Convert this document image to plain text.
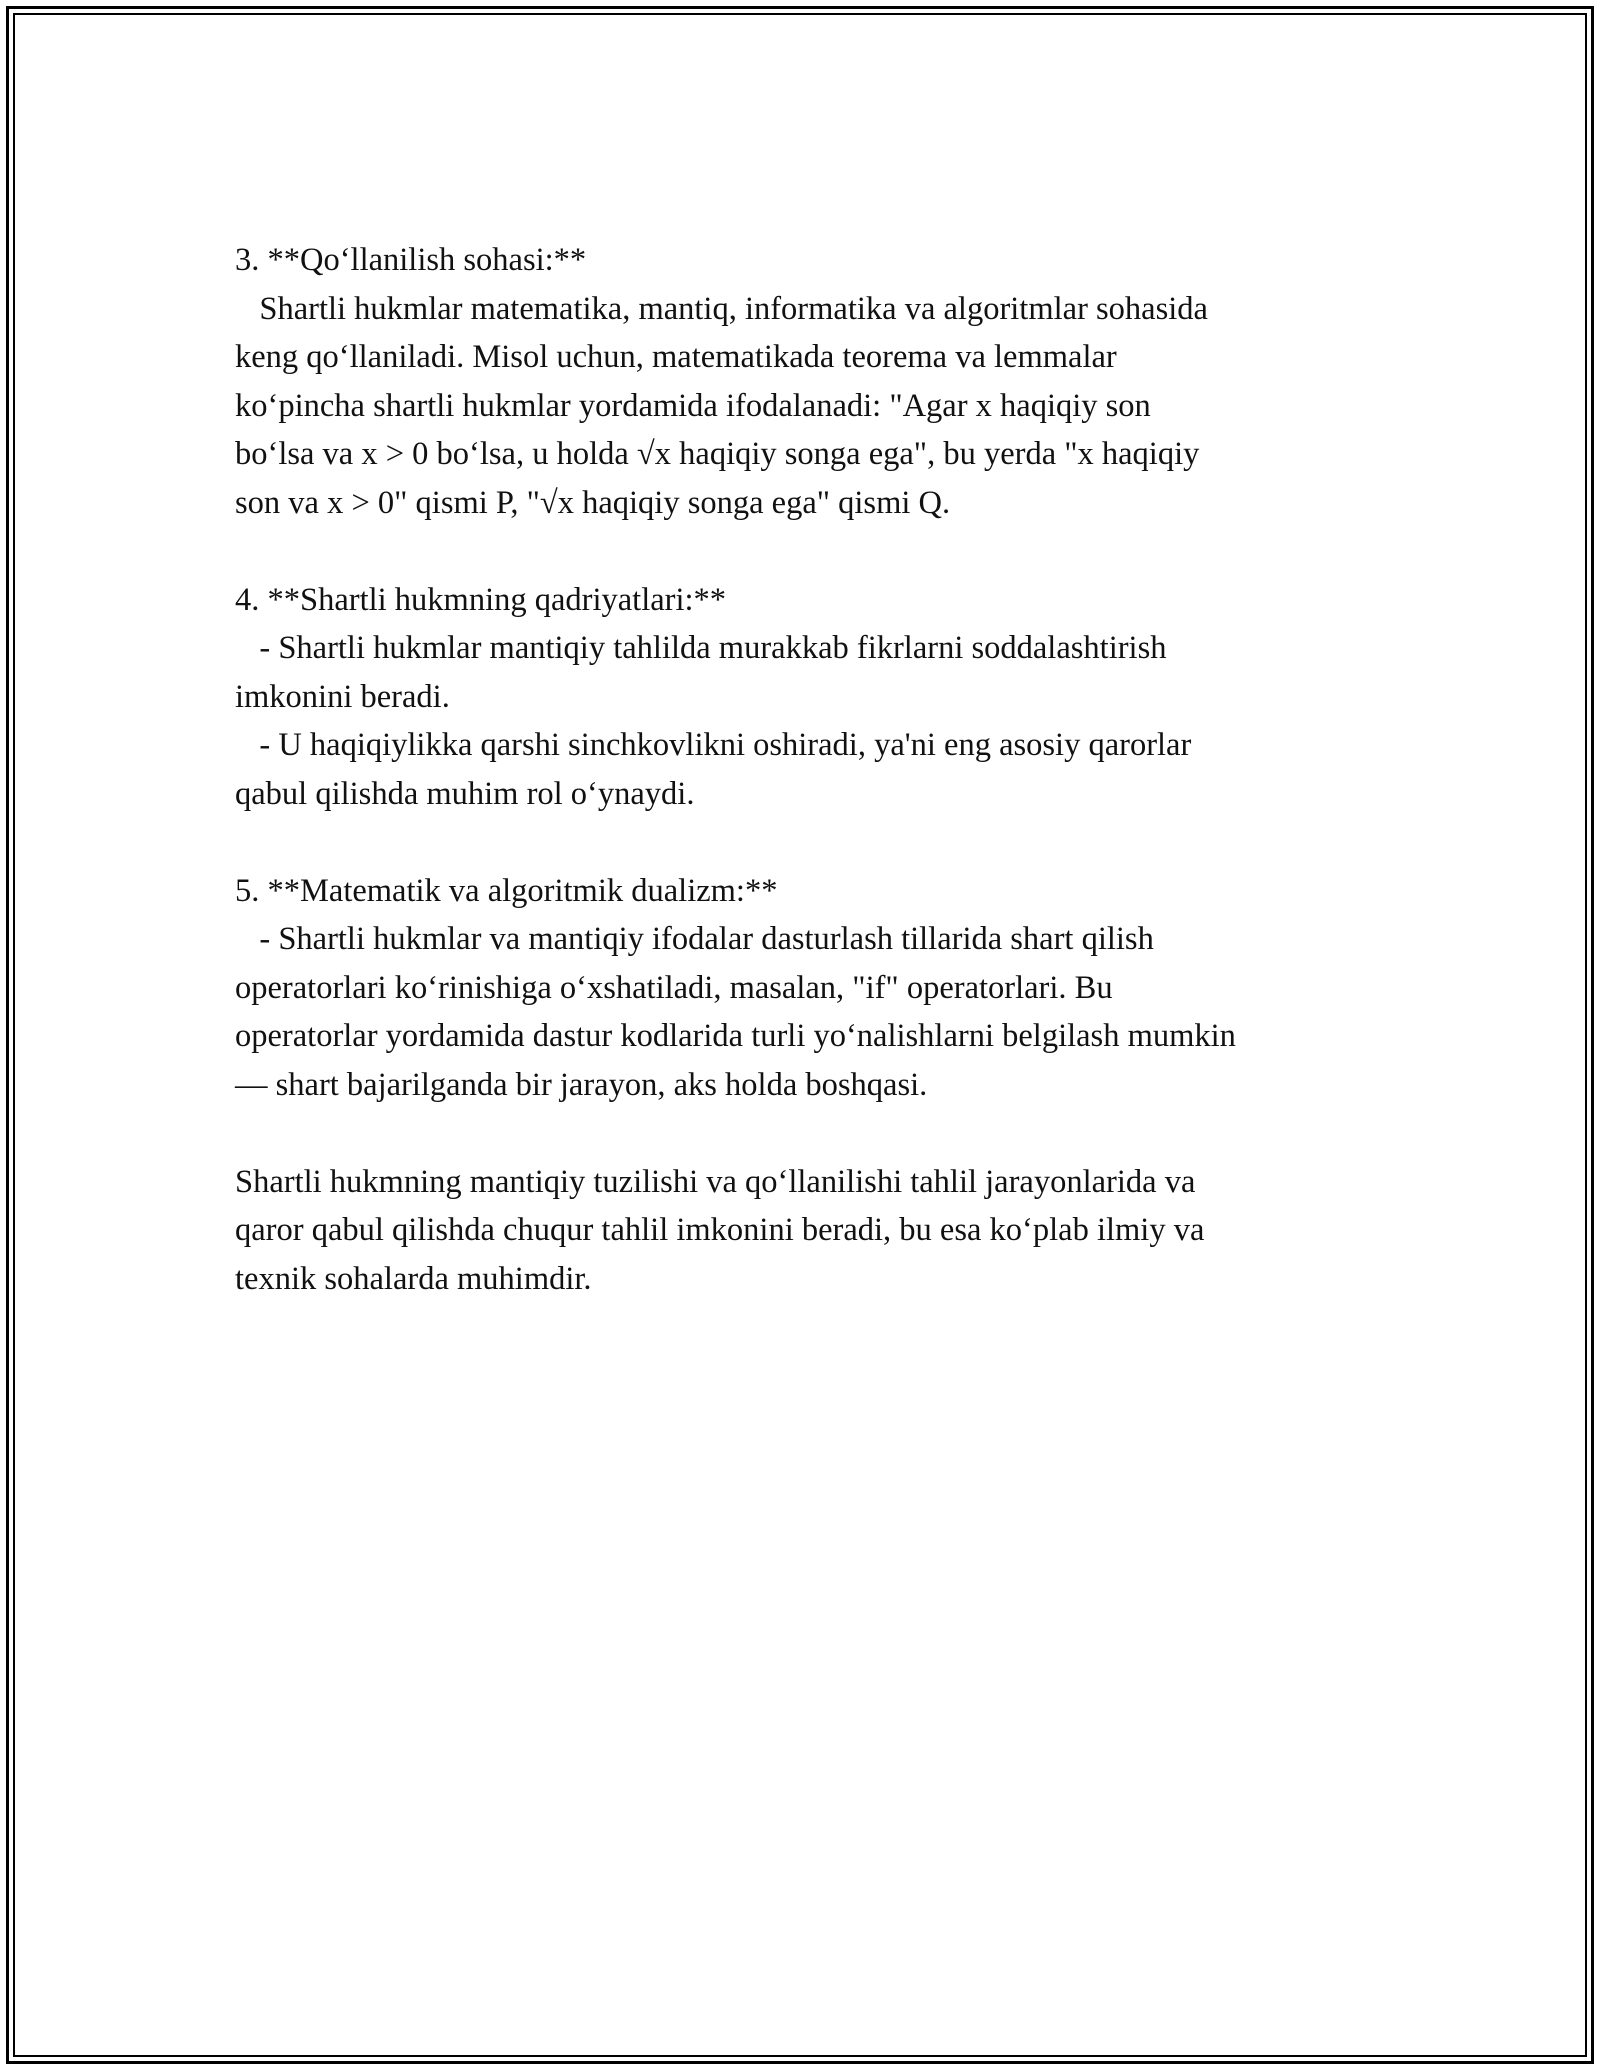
3. **Qo‘llanilish sohasi:**
Shartli hukmlar matematika, mantiq, informatika va algoritmlar sohasida
keng qo‘llaniladi. Misol uchun, matematikada teorema va lemmalar
ko‘pincha shartli hukmlar yordamida ifodalanadi: "Agar x haqiqiy son
bo‘lsa va x > 0 bo‘lsa, u holda √x haqiqiy songa ega", bu yerda "x haqiqiy
son va x > 0" qismi P, "√x haqiqiy songa ega" qismi Q.
4. **Shartli hukmning qadriyatlari:**
- Shartli hukmlar mantiqiy tahlilda murakkab fikrlarni soddalashtirish
imkonini beradi.
- U haqiqiylikka qarshi sinchkovlikni oshiradi, ya'ni eng asosiy qarorlar
qabul qilishda muhim rol o‘ynaydi.
5. **Matematik va algoritmik dualizm:**
- Shartli hukmlar va mantiqiy ifodalar dasturlash tillarida shart qilish
operatorlari ko‘rinishiga o‘xshatiladi, masalan, "if" operatorlari. Bu
operatorlar yordamida dastur kodlarida turli yo‘nalishlarni belgilash mumkin
— shart bajarilganda bir jarayon, aks holda boshqasi.
Shartli hukmning mantiqiy tuzilishi va qo‘llanilishi tahlil jarayonlarida va
qaror qabul qilishda chuqur tahlil imkonini beradi, bu esa ko‘plab ilmiy va
texnik sohalarda muhimdir.
